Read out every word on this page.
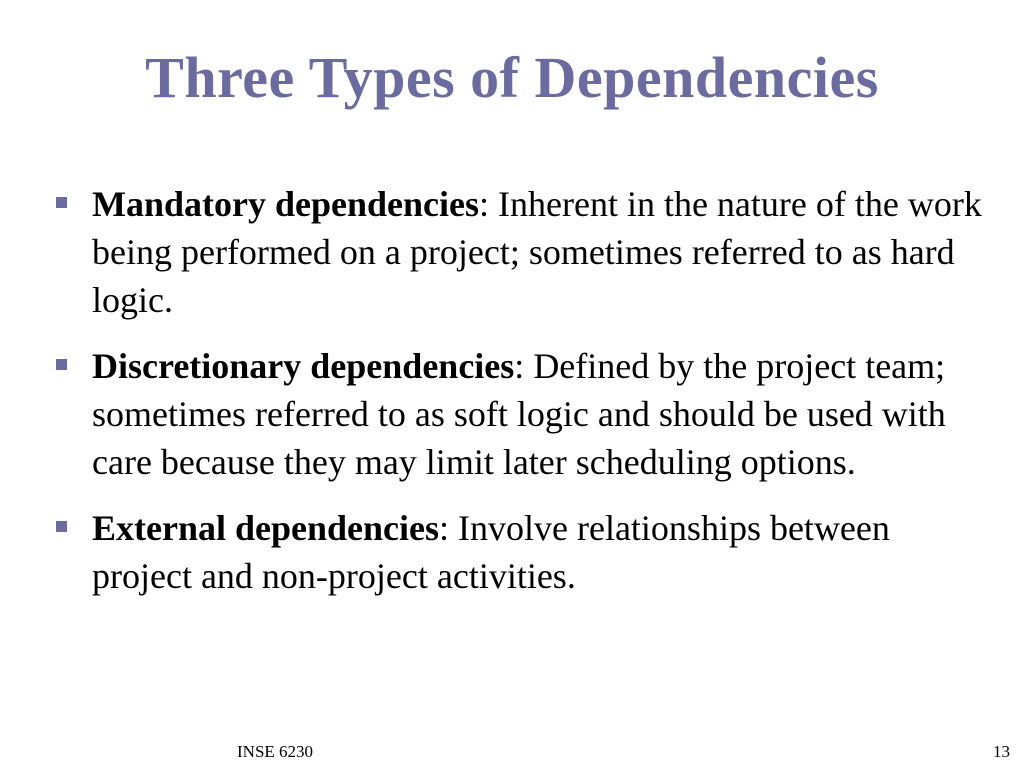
Three Types of Dependencies
Mandatory dependencies: Inherent in the nature of the work being performed on a project; sometimes referred to as hard logic.
Discretionary dependencies: Defined by the project team; sometimes referred to as soft logic and should be used with care because they may limit later scheduling options.
External dependencies: Involve relationships between project and non-project activities.
INSE 6230	13
